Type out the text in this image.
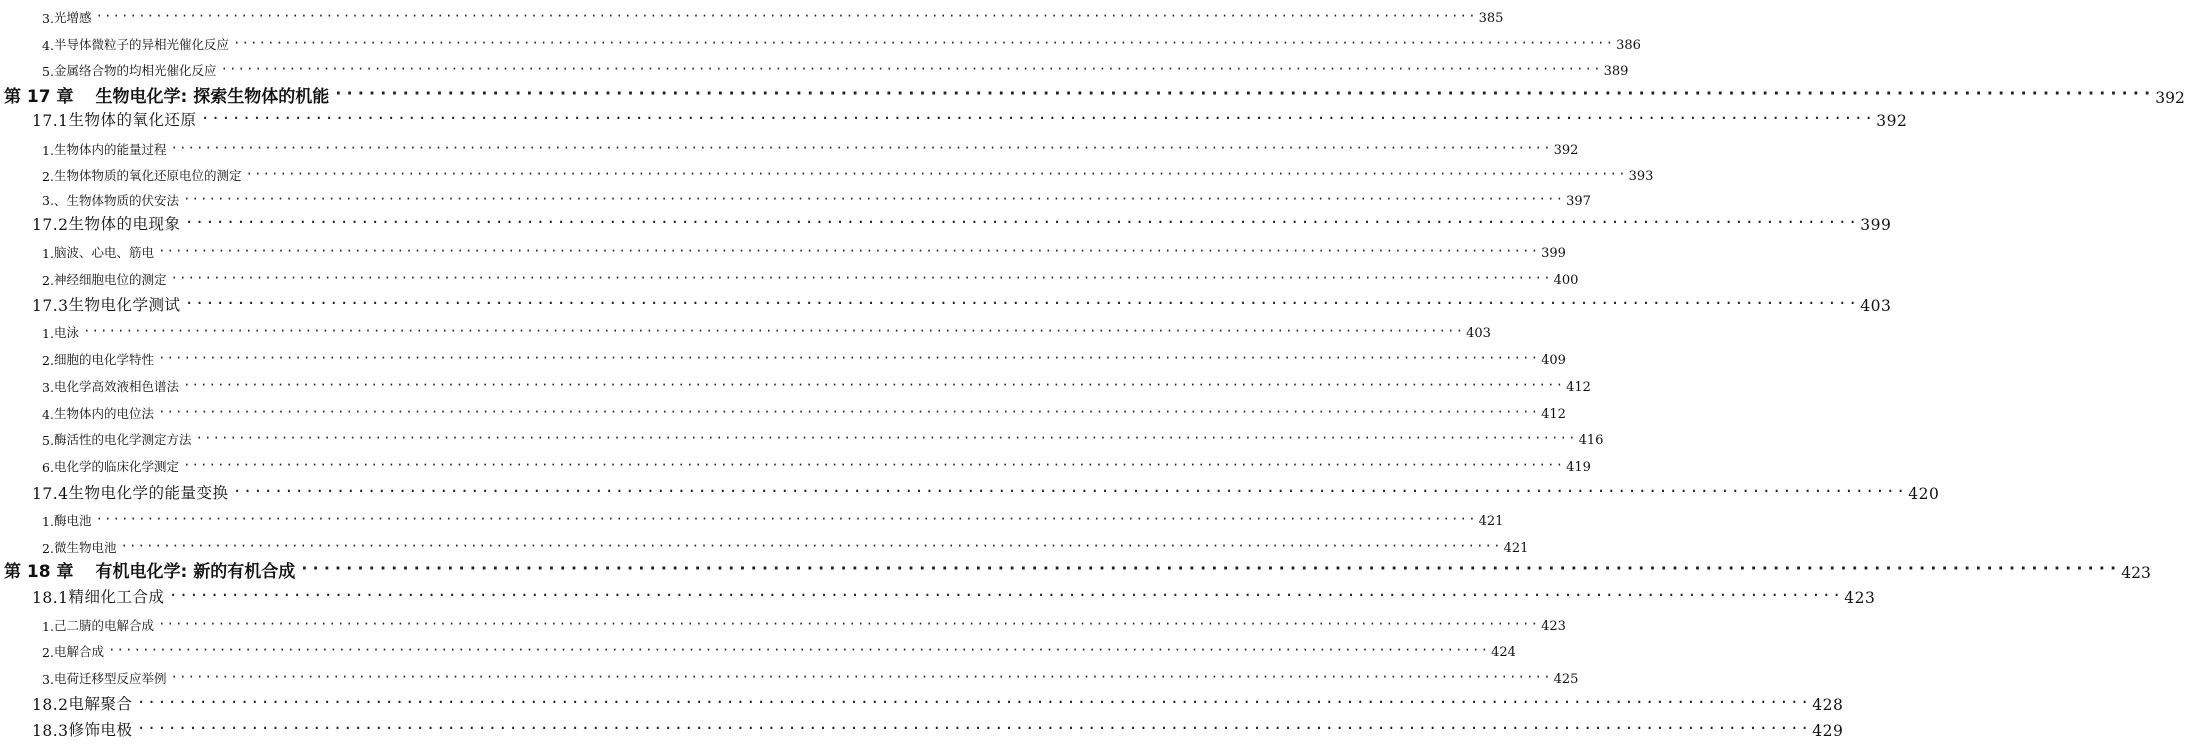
3. 光增感 ·····	385
4. 半导体微粒子的异相光催化反应 ·····	386
5. 金属络合物的均相光催化反应 ·····	389
第 17 章 生物电化学: 探索生物体的机能 ·····	392
17.1 生物体的氧化还原 ·····	392
1. 生物体内的能量过程 ·····	392
2. 生物体物质的氧化还原电位的测定 ·····	393
3.、 生物体物质的伏安法 ·····	397
17.2 生物体的电现象 ·····	399
1. 脑波、心电、筋电 ·····	399
2. 神经细胞电位的测定 ·····	400
17.3 生物电化学测试 ·····	403
1. 电泳 ·····	403
2. 细胞的电化学特性 ·····	409
3. 电化学高效液相色谱法 ·····	412
4. 生物体内的电位法 ·····	412
5. 酶活性的电化学测定方法 ·····	416
6. 电化学的临床化学测定 ·····	419
17.4 生物电化学的能量变换 ·····	420
1. 酶电池 ·····	421
2. 微生物电池 ·····	421
第 18 章 有机电化学: 新的有机合成 ·····	423
18.1 精细化工合成 ·····	423
1. 己二腈的电解合成 ·····	423
2. 电解合成 ·····	424
3. 电荷迁移型反应举例 ·····	425
18.2 电解聚合 ·····	428
18.3 修饰电极 ·····	429
